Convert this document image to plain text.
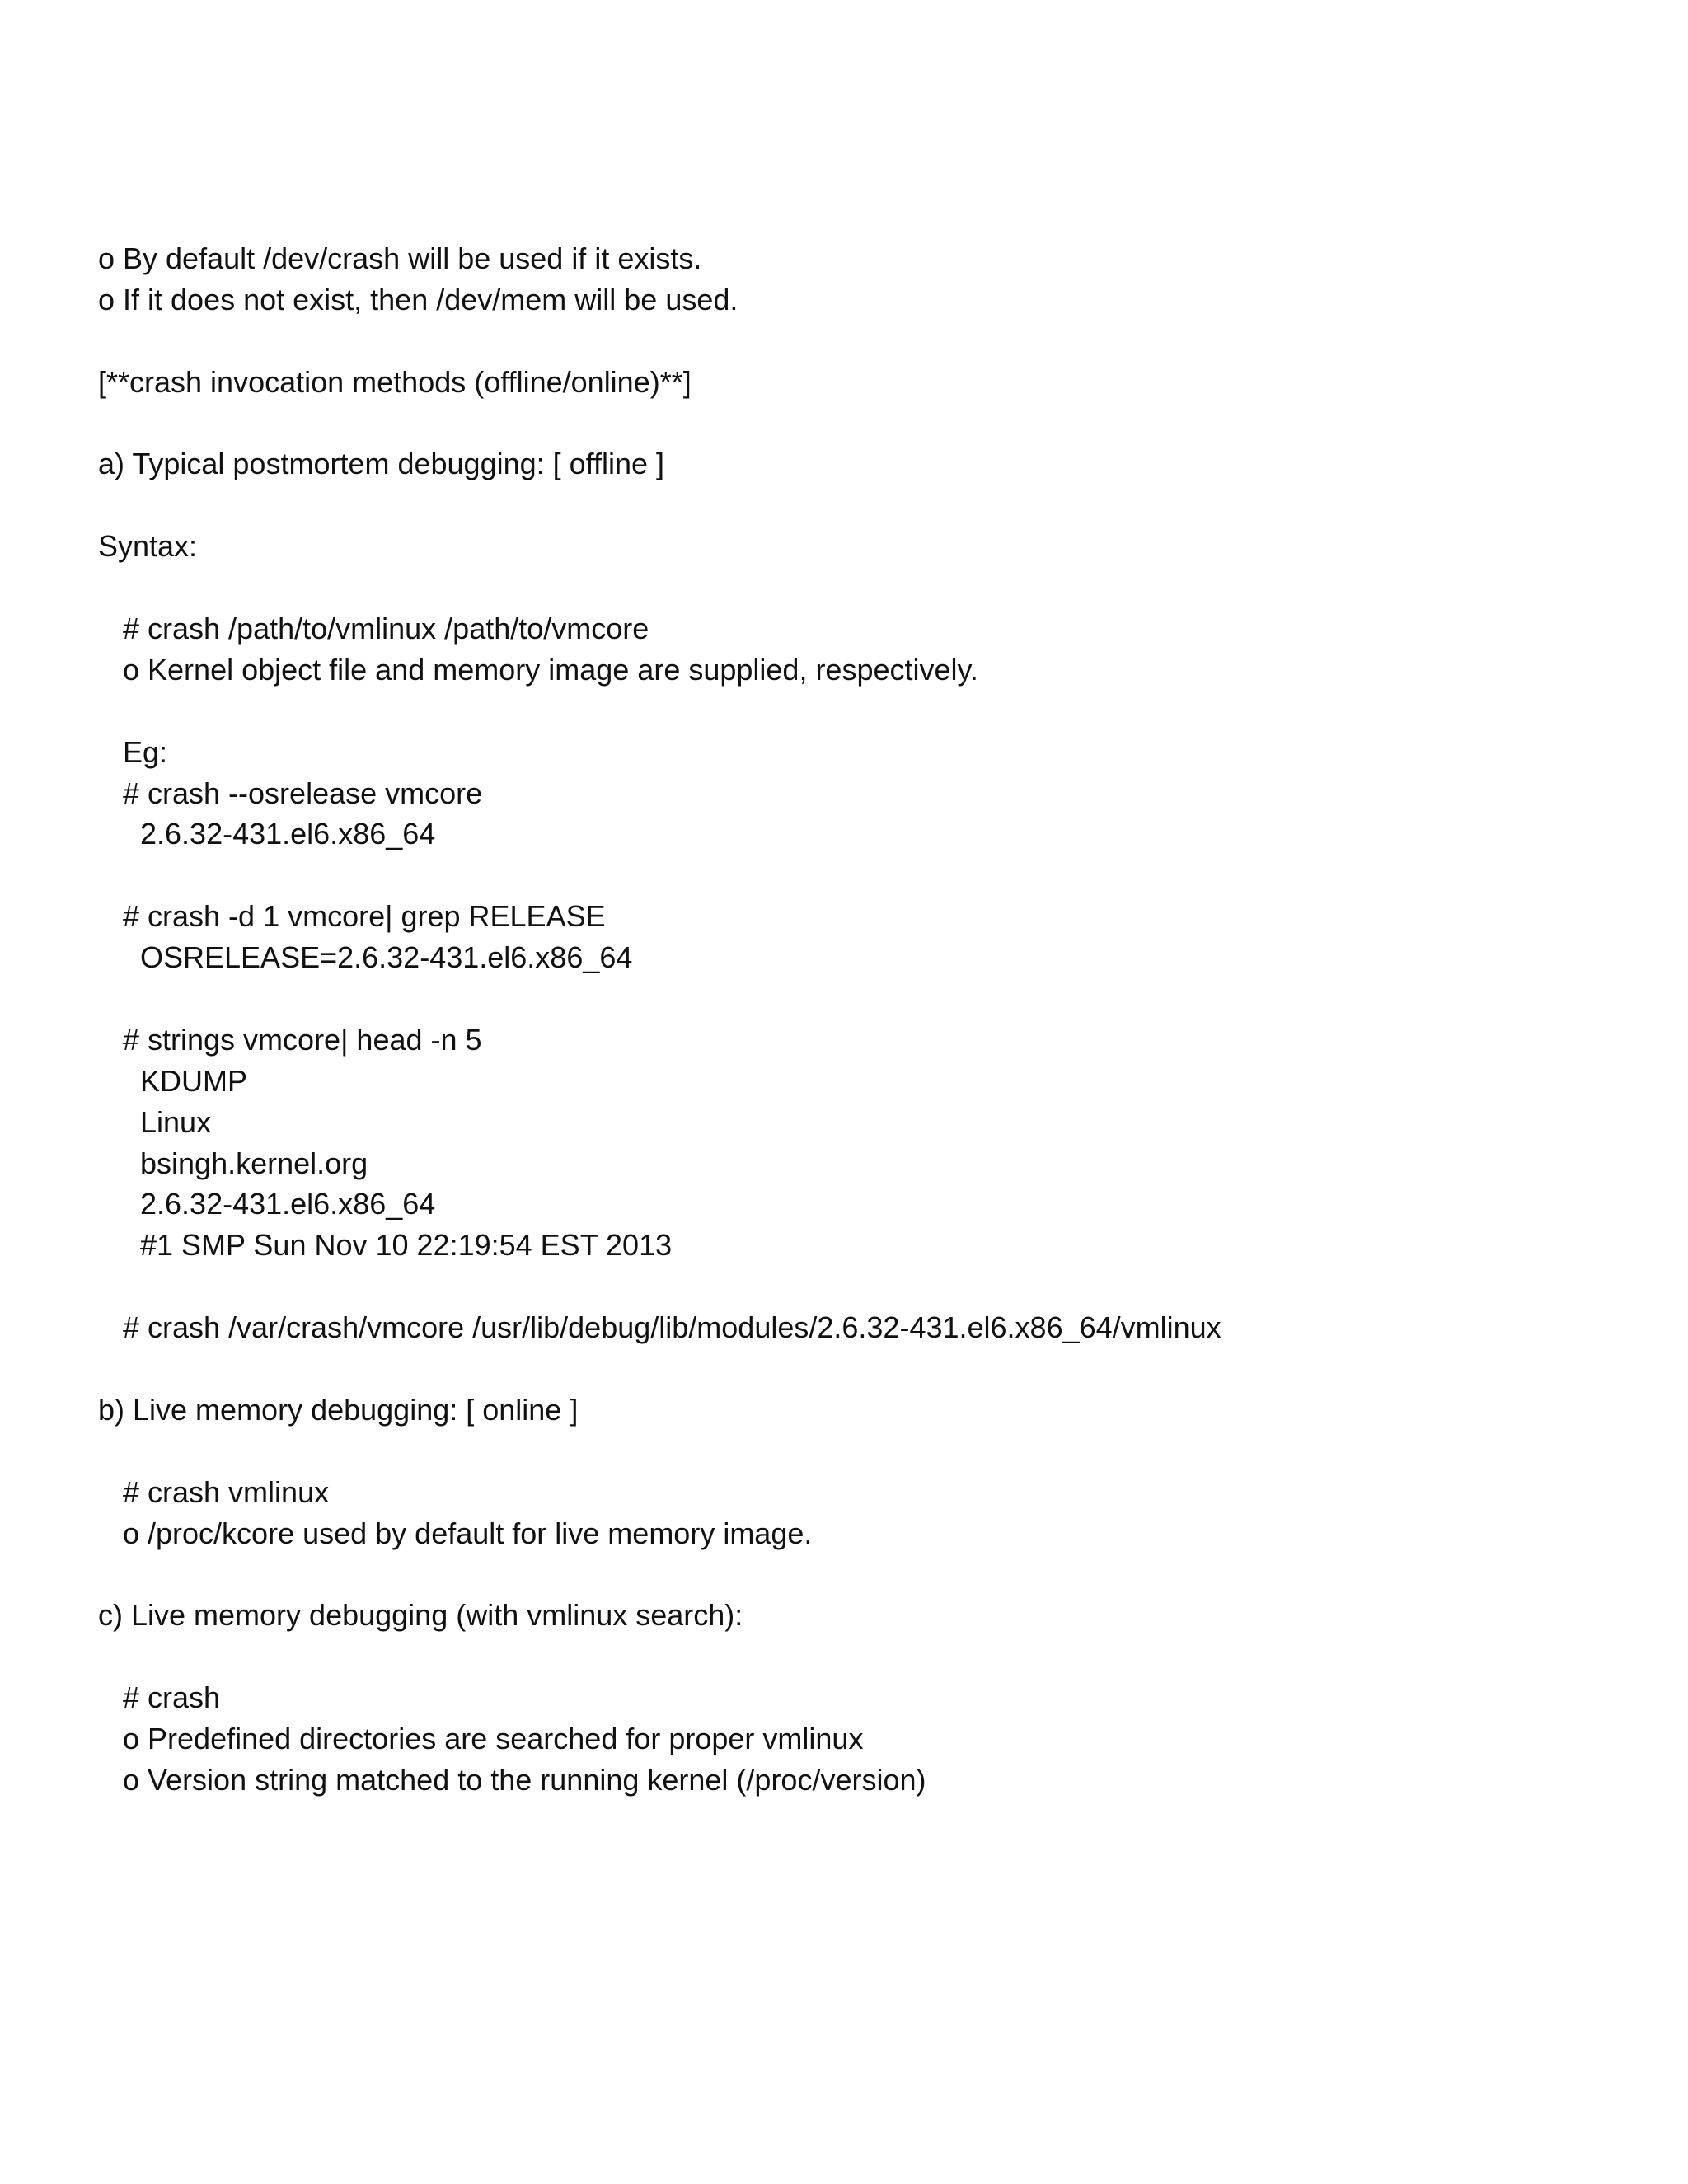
o By default /dev/crash will be used if it exists.
o If it does not exist, then /dev/mem will be used.
[**crash invocation methods (offline/online)**]
a) Typical postmortem debugging: [ offline ]
Syntax:
# crash /path/to/vmlinux /path/to/vmcore
o Kernel object file and memory image are supplied, respectively.
Eg:
# crash --osrelease vmcore
2.6.32-431.el6.x86_64
# crash -d 1 vmcore| grep RELEASE
OSRELEASE=2.6.32-431.el6.x86_64
# strings vmcore| head -n 5
KDUMP
Linux
bsingh.kernel.org
2.6.32-431.el6.x86_64
#1 SMP Sun Nov 10 22:19:54 EST 2013
# crash /var/crash/vmcore /usr/lib/debug/lib/modules/2.6.32-431.el6.x86_64/vmlinux
b) Live memory debugging: [ online ]
# crash vmlinux
o /proc/kcore used by default for live memory image.
c) Live memory debugging (with vmlinux search):
# crash
o Predefined directories are searched for proper vmlinux
o Version string matched to the running kernel (/proc/version)
